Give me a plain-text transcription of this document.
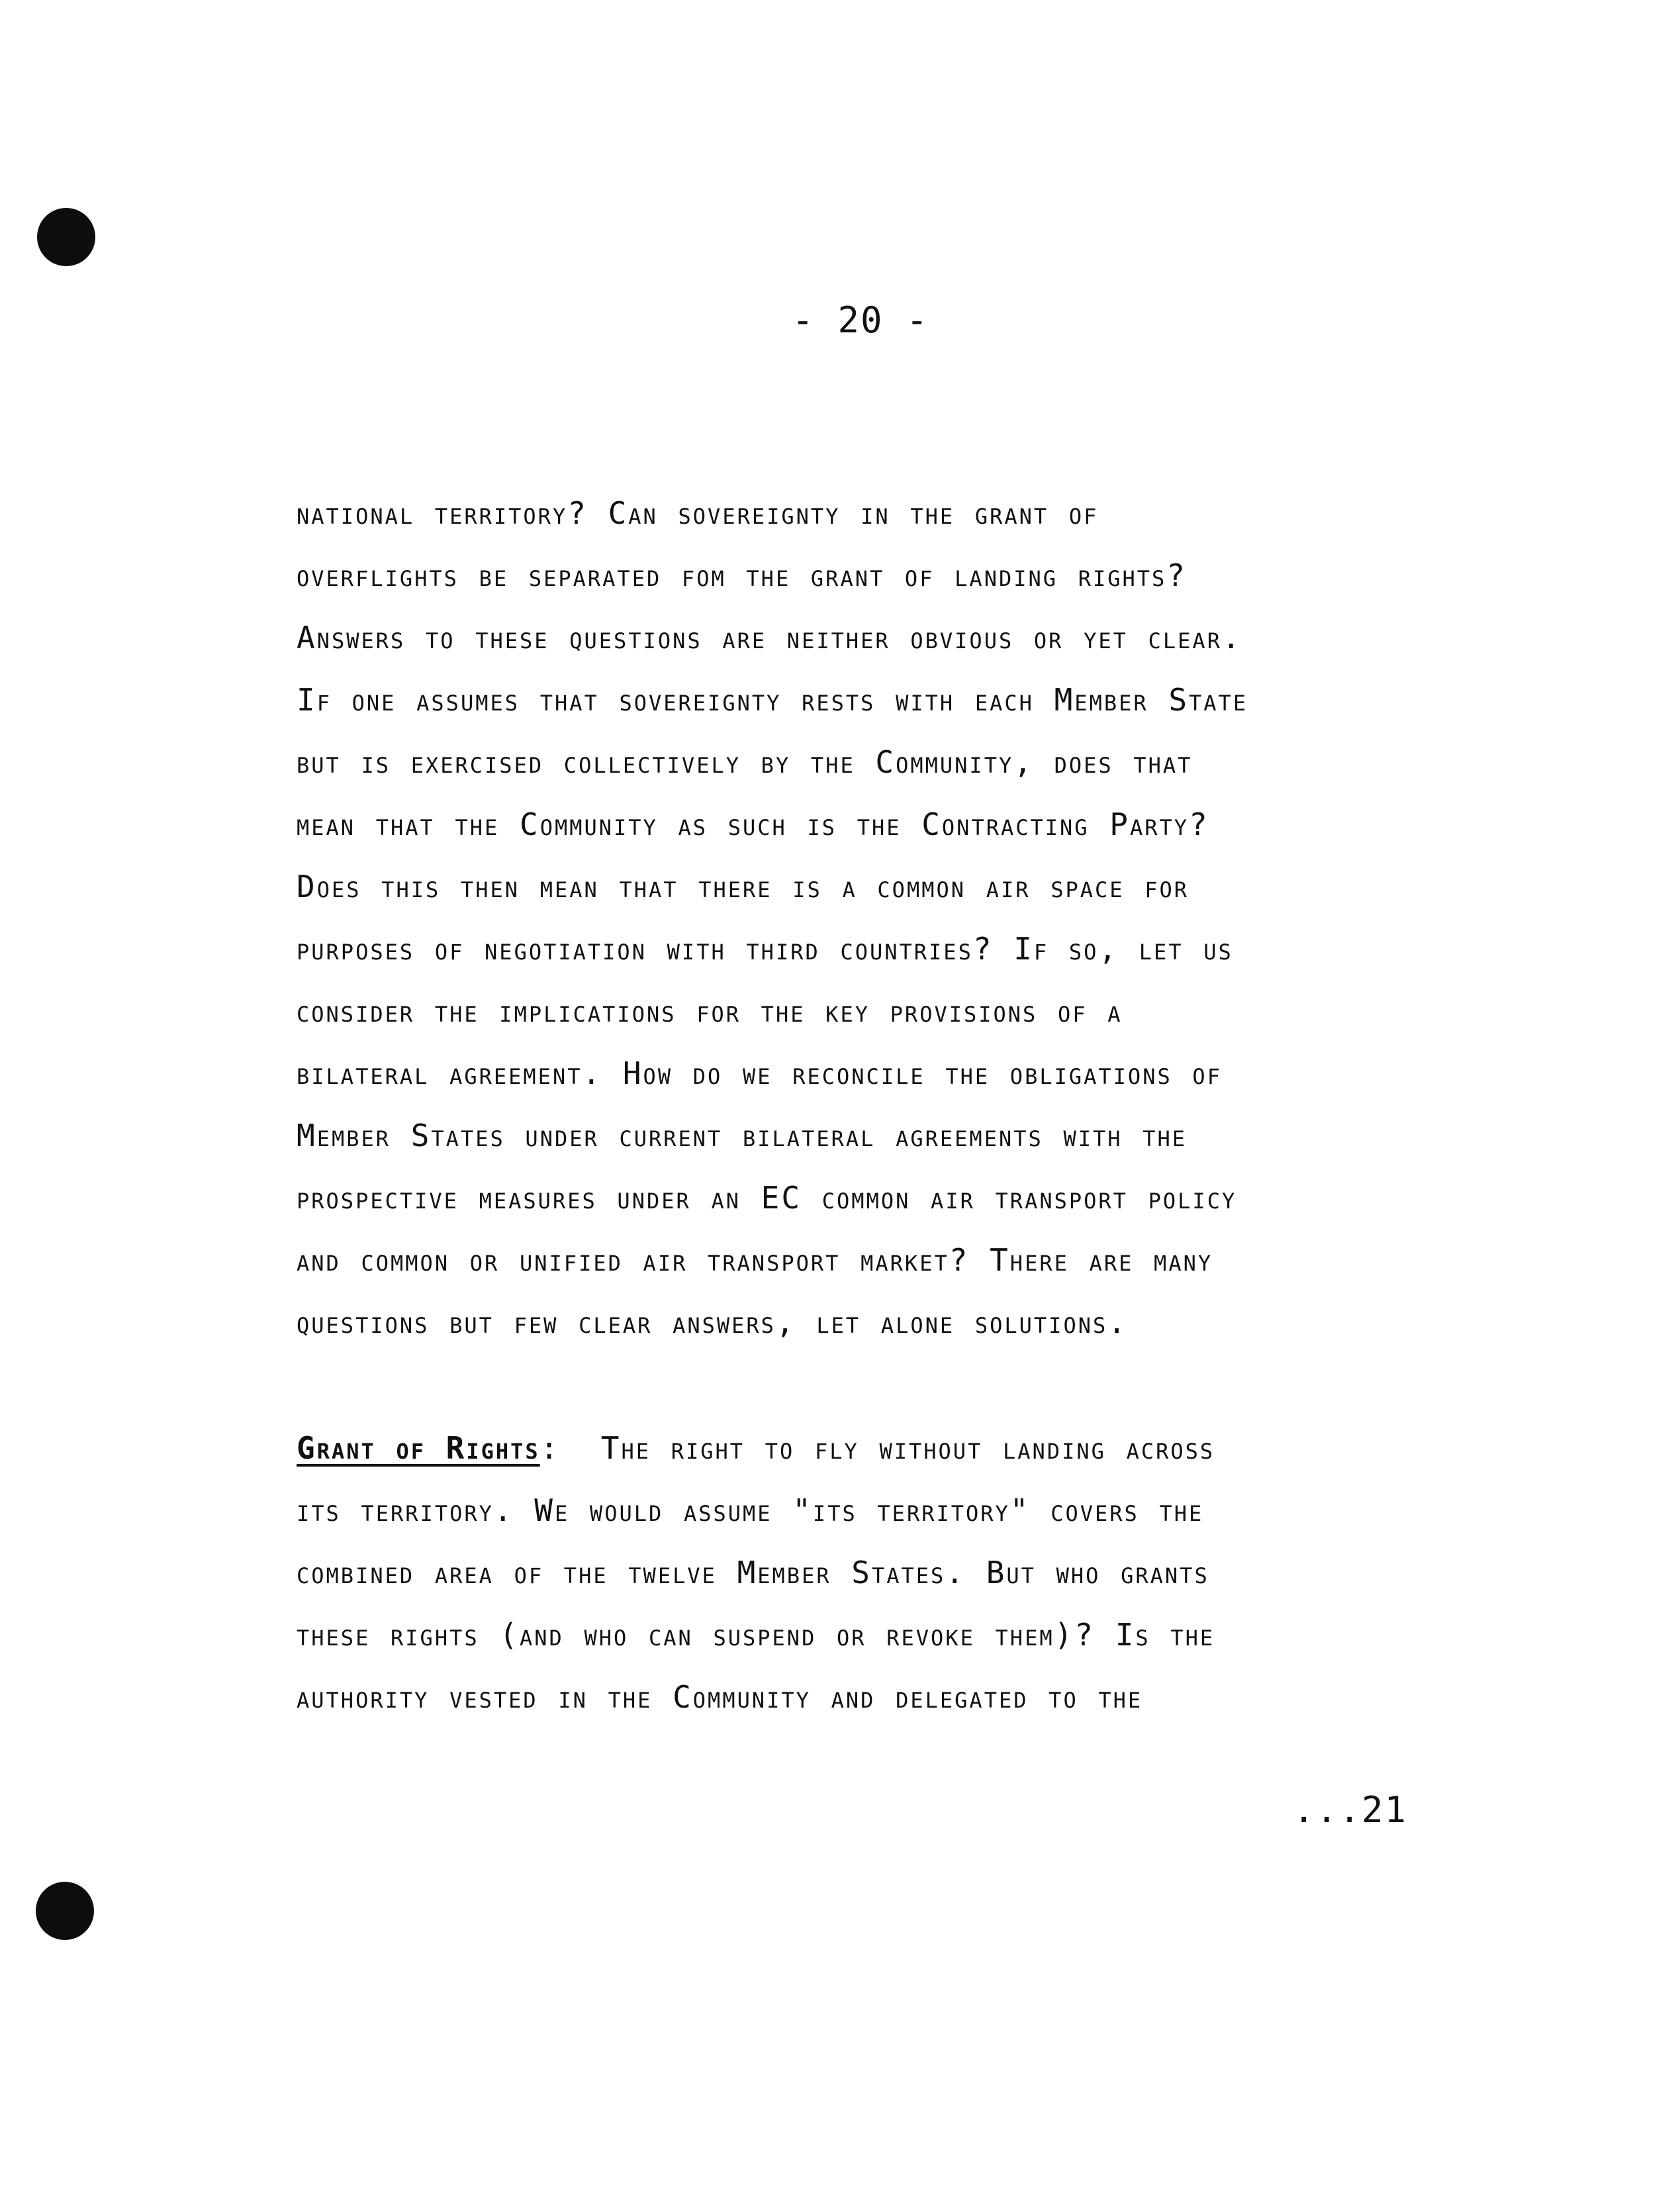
- 20 -
national territory? Can sovereignty in the grant of
overflights be separated fom the grant of landing rights?
Answers to these questions are neither obvious or yet clear.
If one assumes that sovereignty rests with each Member State
but is exercised collectively by the Community, does that
mean that the Community as such is the Contracting Party?
Does this then mean that there is a common air space for
purposes of negotiation with third countries? If so, let us
consider the implications for the key provisions of a
bilateral agreement. How do we reconcile the obligations of
Member States under current bilateral agreements with the
prospective measures under an EC common air transport policy
and common or unified air transport market? There are many
questions but few clear answers, let alone solutions.
Grant of Rights:  The right to fly without landing across
its territory. We would assume "its territory" covers the
combined area of the twelve Member States. But who grants
these rights (and who can suspend or revoke them)? Is the
authority vested in the Community and delegated to the
...21
